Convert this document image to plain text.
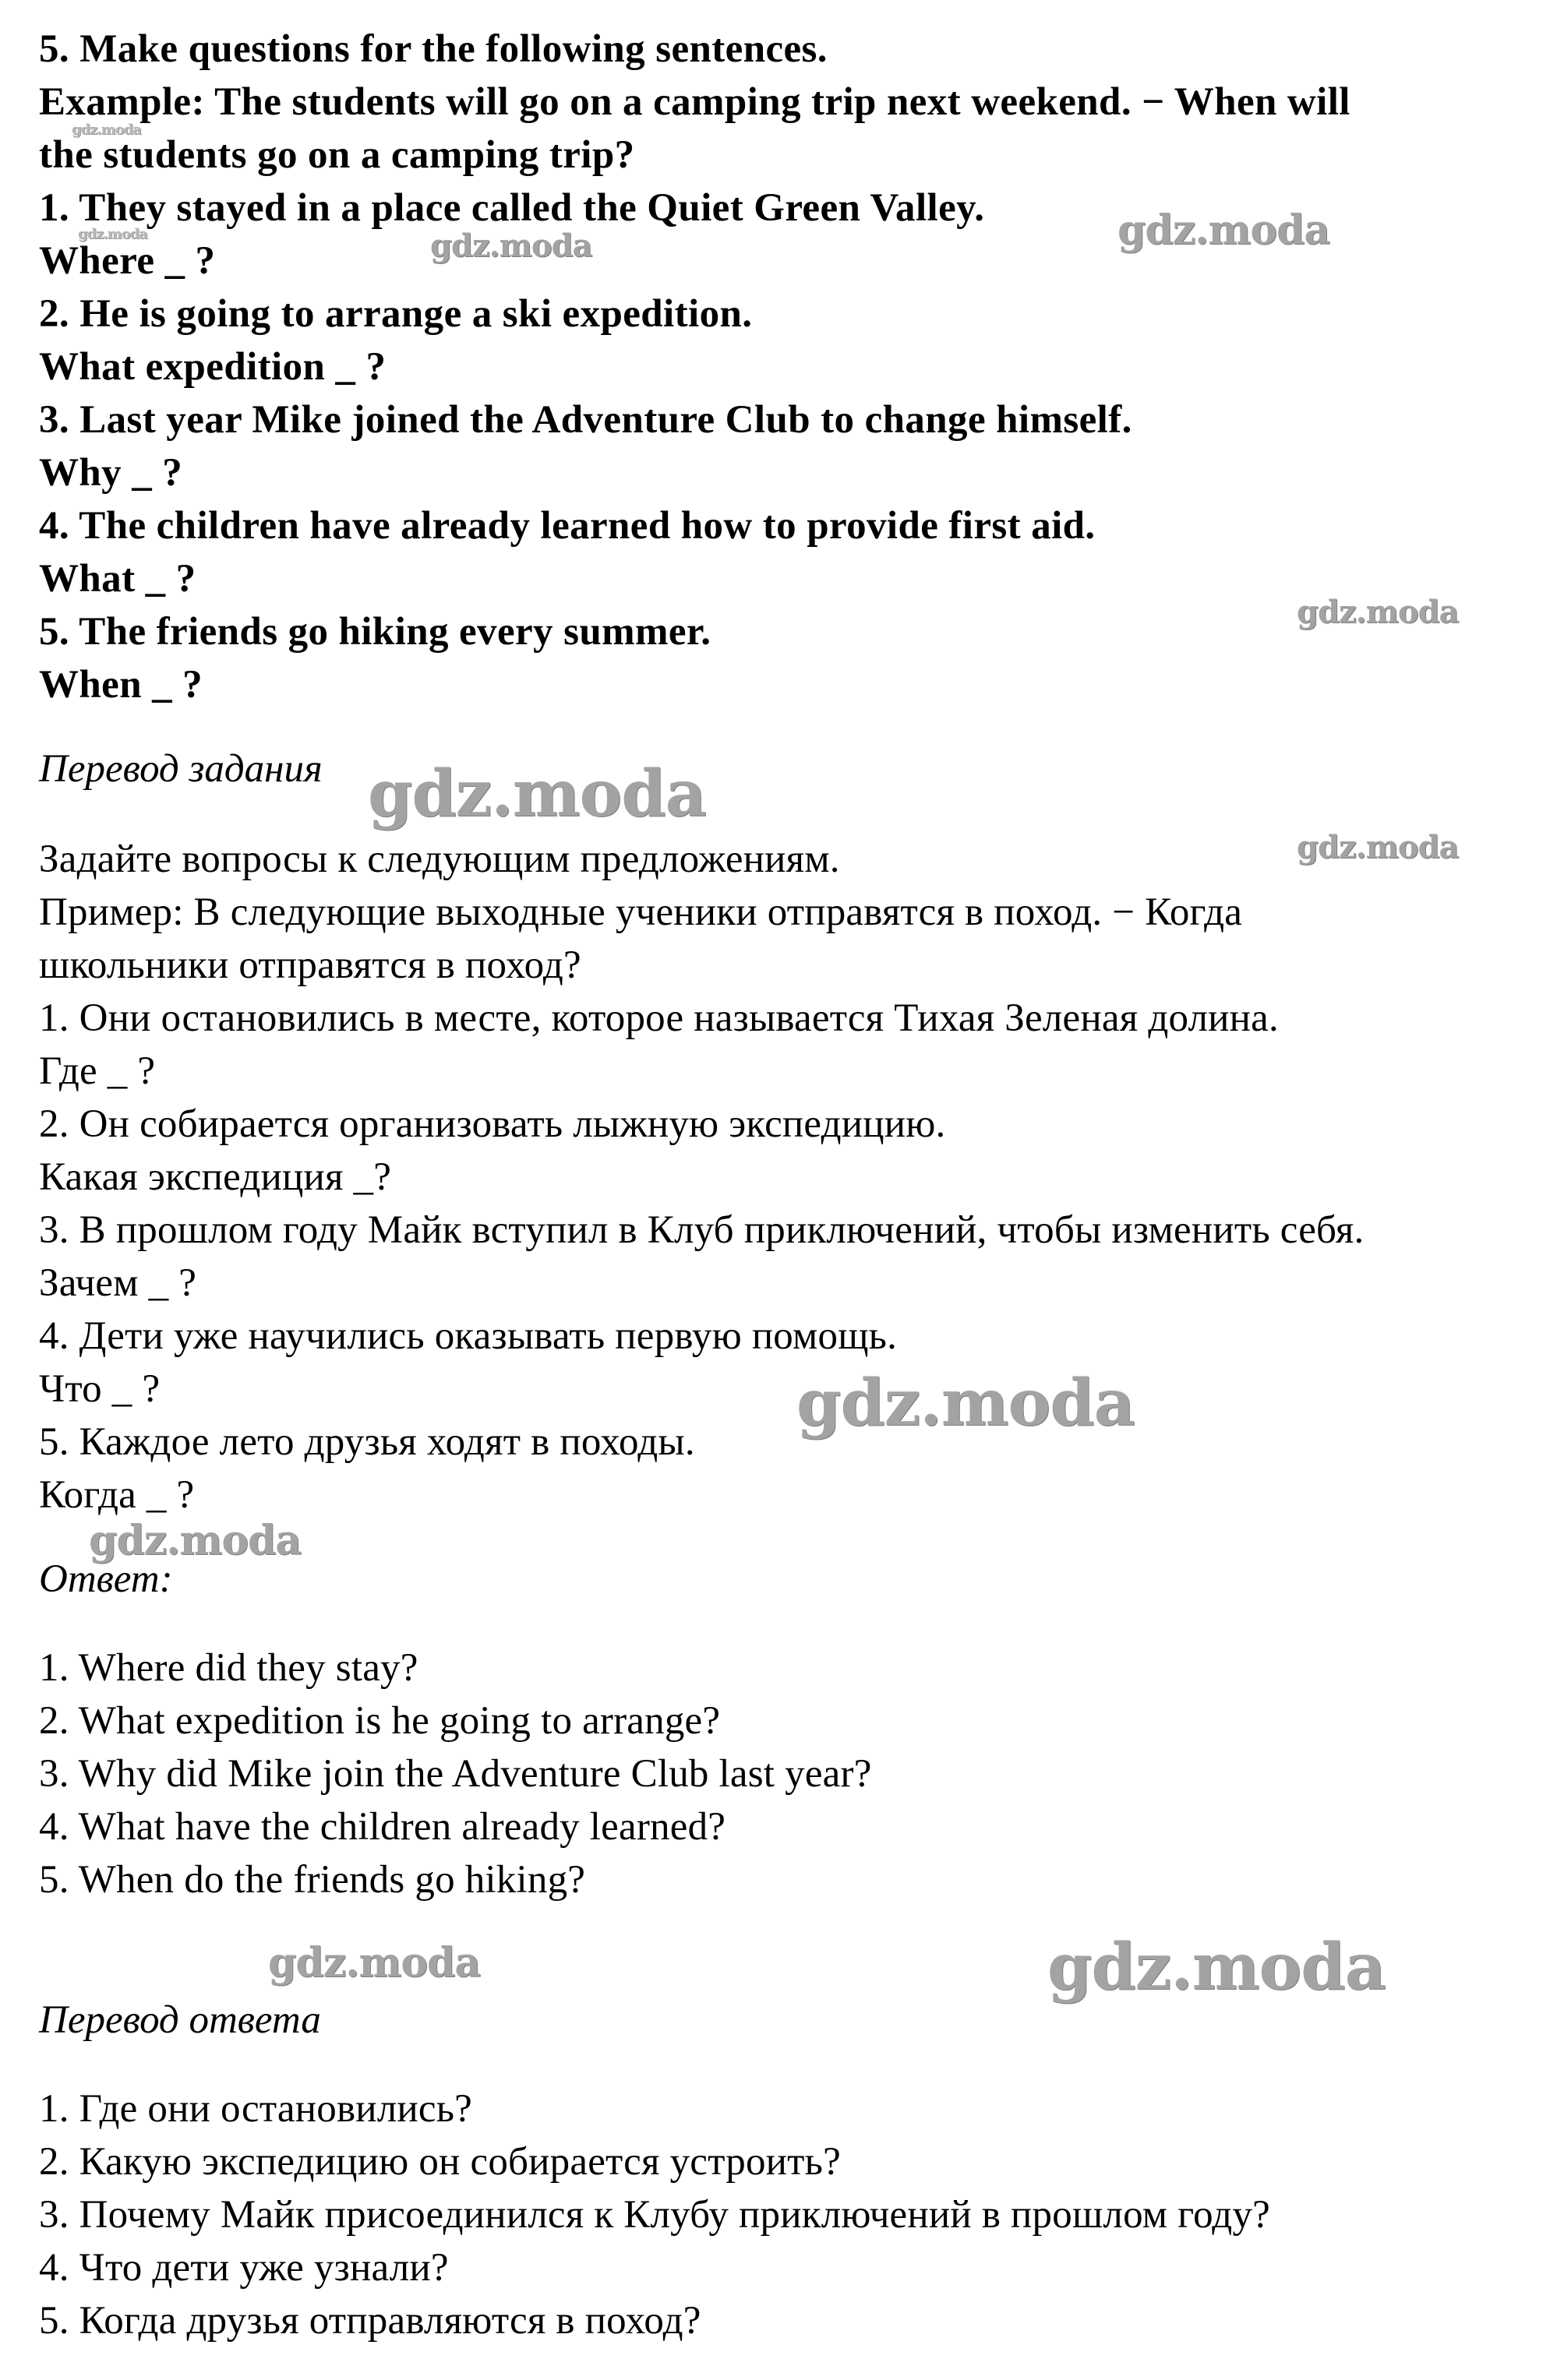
5. Make questions for the following sentences.
Example: The students will go on a camping trip next weekend. − When will
the students go on a camping trip?
1. They stayed in a place called the Quiet Green Valley.
Where _ ?
2. He is going to arrange a ski expedition.
What expedition _ ?
3. Last year Mike joined the Adventure Club to change himself.
Why _ ?
4. The children have already learned how to provide first aid.
What _ ?
5. The friends go hiking every summer.
When _ ?
Перевод задания
Задайте вопросы к следующим предложениям.
Пример: В следующие выходные ученики отправятся в поход. − Когда
школьники отправятся в поход?
1. Они остановились в месте, которое называется Тихая Зеленая долина.
Где _ ?
2. Он собирается организовать лыжную экспедицию.
Какая экспедиция _?
3. В прошлом году Майк вступил в Клуб приключений, чтобы изменить себя.
Зачем _ ?
4. Дети уже научились оказывать первую помощь.
Что _ ?
5. Каждое лето друзья ходят в походы.
Когда _ ?
Ответ:
1. Where did they stay?
2. What expedition is he going to arrange?
3. Why did Mike join the Adventure Club last year?
4. What have the children already learned?
5. When do the friends go hiking?
Перевод ответа
1. Где они остановились?
2. Какую экспедицию он собирается устроить?
3. Почему Майк присоединился к Клубу приключений в прошлом году?
4. Что дети уже узнали?
5. Когда друзья отправляются в поход?
gdz.moda
gdz.moda	gdz.moda	gdz.moda
gdz.moda
gdz.moda
gdz.moda
gdz.moda
gdz.moda
gdz.moda	gdz.moda
